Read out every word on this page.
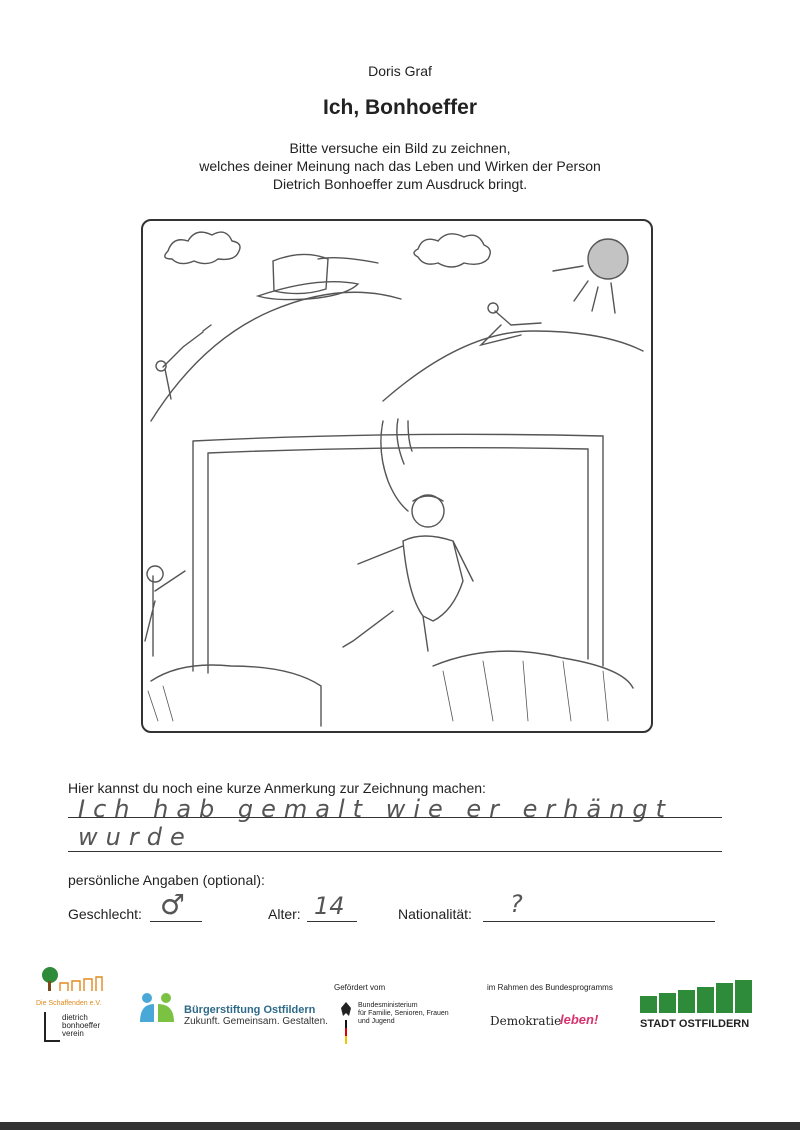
Doris Graf
Ich, Bonhoeffer
Bitte versuche ein Bild zu zeichnen,
welches deiner Meinung nach das Leben und Wirken der Person
Dietrich Bonhoeffer zum Ausdruck bringt.
Hier kannst du noch eine kurze Anmerkung zur Zeichnung machen:
Ich hab gemalt wie er erhängt wurde
persönliche Angaben (optional):
Geschlecht: ♂	Alter: 14	Nationalität: ?
Die Schaffenden e.V.
dietrich
bonhoeffer
verein
Bürgerstiftung Ostfildern
Zukunft. Gemeinsam. Gestalten.
Gefördert vom
Bundesministerium
für Familie, Senioren, Frauen
und Jugend
im Rahmen des Bundesprogramms
Demokratie
leben!	STADT OSTFILDERN
